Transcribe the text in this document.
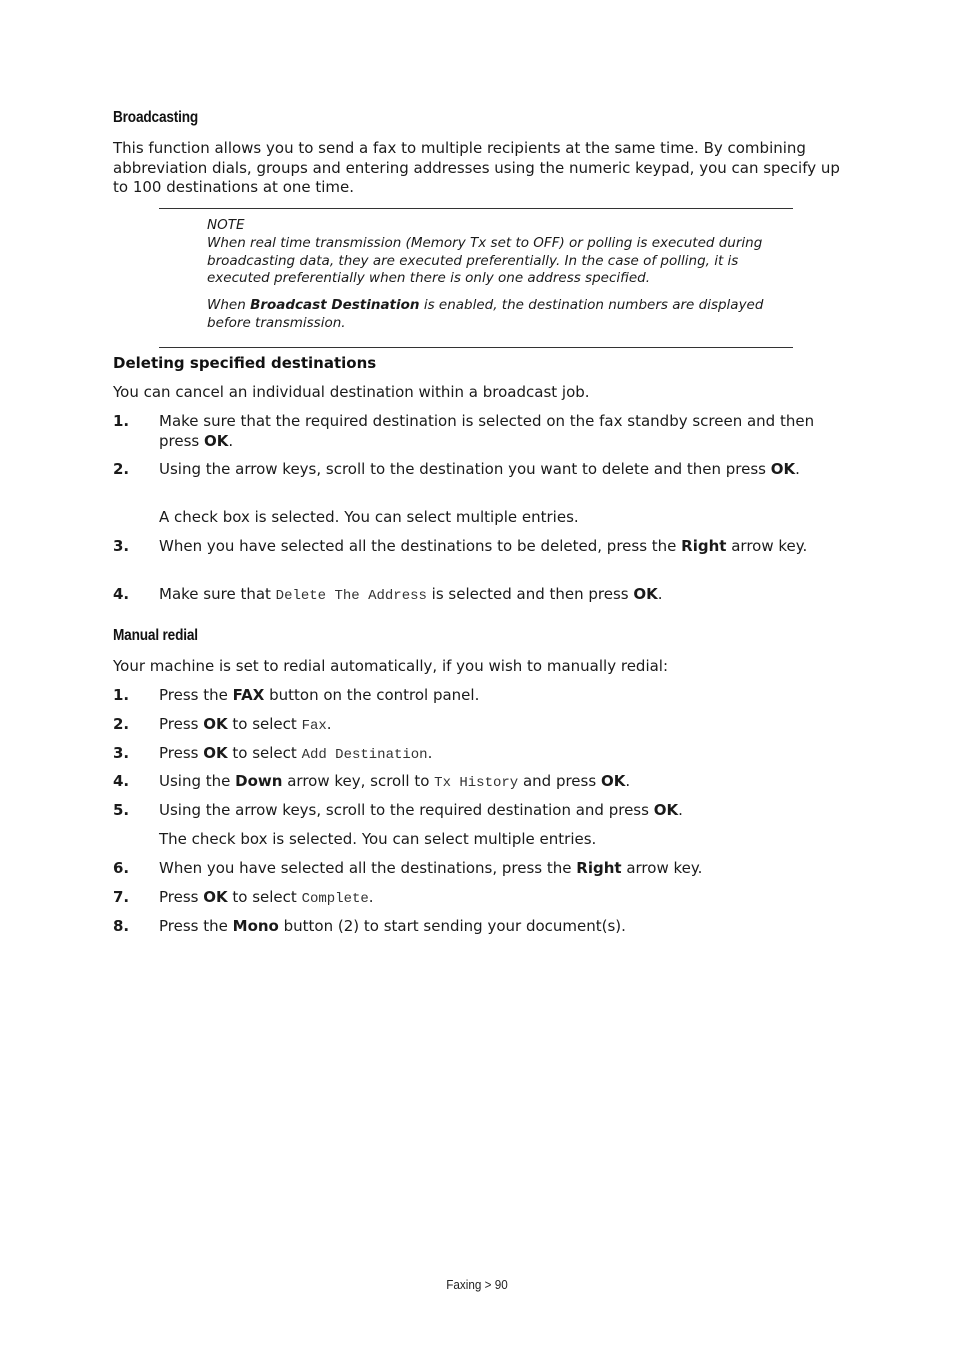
Broadcasting
This function allows you to send a fax to multiple recipients at the same time. By combining abbreviation dials, groups and entering addresses using the numeric keypad, you can specify up to 100 destinations at one time.
NOTE
When real time transmission (Memory Tx set to OFF) or polling is executed during broadcasting data, they are executed preferentially. In the case of polling, it is executed preferentially when there is only one address specified.
When Broadcast Destination is enabled, the destination numbers are displayed before transmission.
Deleting specified destinations
You can cancel an individual destination within a broadcast job.
1. Make sure that the required destination is selected on the fax standby screen and then press OK.
2. Using the arrow keys, scroll to the destination you want to delete and then press OK.
A check box is selected. You can select multiple entries.
3. When you have selected all the destinations to be deleted, press the Right arrow key.
4. Make sure that Delete The Address is selected and then press OK.
Manual redial
Your machine is set to redial automatically, if you wish to manually redial:
1. Press the FAX button on the control panel.
2. Press OK to select Fax.
3. Press OK to select Add Destination.
4. Using the Down arrow key, scroll to Tx History and press OK.
5. Using the arrow keys, scroll to the required destination and press OK.
The check box is selected. You can select multiple entries.
6. When you have selected all the destinations, press the Right arrow key.
7. Press OK to select Complete.
8. Press the Mono button (2) to start sending your document(s).
Faxing > 90
